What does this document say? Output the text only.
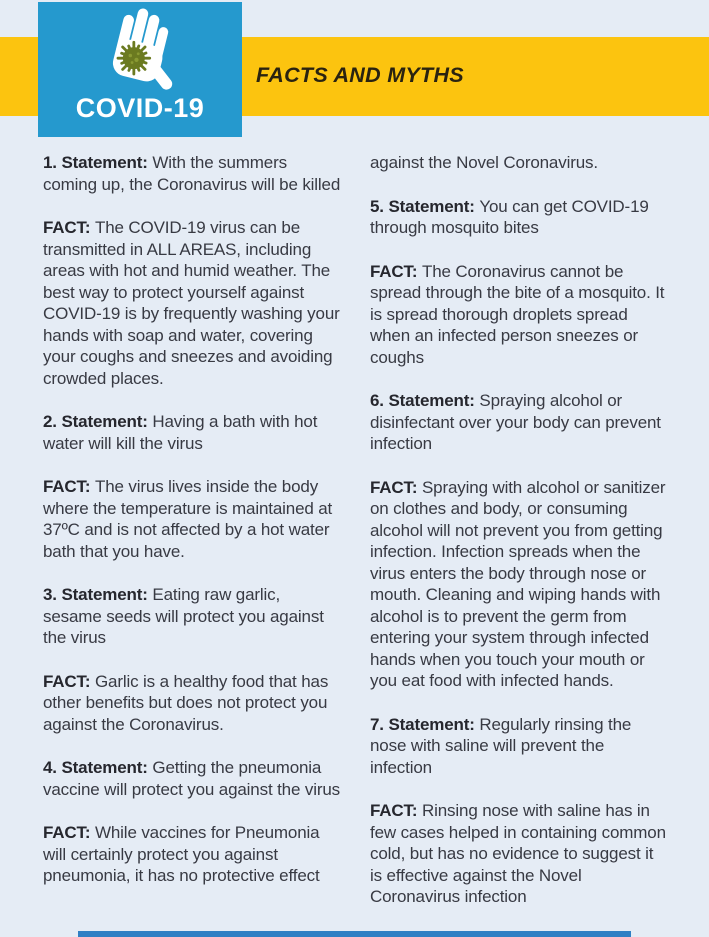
COVID-19
FACTS AND MYTHS

1. Statement: With the summers coming up, the Coronavirus will be killed

FACT: The COVID-19 virus can be transmitted in ALL AREAS, including areas with hot and humid weather. The best way to protect yourself against COVID-19 is by frequently washing your hands with soap and water, covering your coughs and sneezes and avoiding crowded places.

2. Statement: Having a bath with hot water will kill the virus

FACT: The virus lives inside the body where the temperature is maintained at 37ºC and is not affected by a hot water bath that you have.

3. Statement: Eating raw garlic, sesame seeds will protect you against the virus

FACT: Garlic is a healthy food that has other benefits but does not protect you against the Coronavirus.

4. Statement: Getting the pneumonia vaccine will protect you against the virus

FACT: While vaccines for Pneumonia will certainly protect you against pneumonia, it has no protective effect

against the Novel Coronavirus.

5. Statement: You can get COVID-19 through mosquito bites

FACT: The Coronavirus cannot be spread through the bite of a mosquito. It is spread thorough droplets spread when an infected person sneezes or coughs

6. Statement: Spraying alcohol or disinfectant over your body can prevent infection

FACT: Spraying with alcohol or sanitizer on clothes and body, or consuming alcohol will not prevent you from getting infection. Infection spreads when the virus enters the body through nose or mouth. Cleaning and wiping hands with alcohol is to prevent the germ from entering your system through infected hands when you touch your mouth or you eat food with infected hands.

7. Statement: Regularly rinsing the nose with saline will prevent the infection

FACT: Rinsing nose with saline has in few cases helped in containing common cold, but has no evidence to suggest it is effective against the Novel Coronavirus infection
